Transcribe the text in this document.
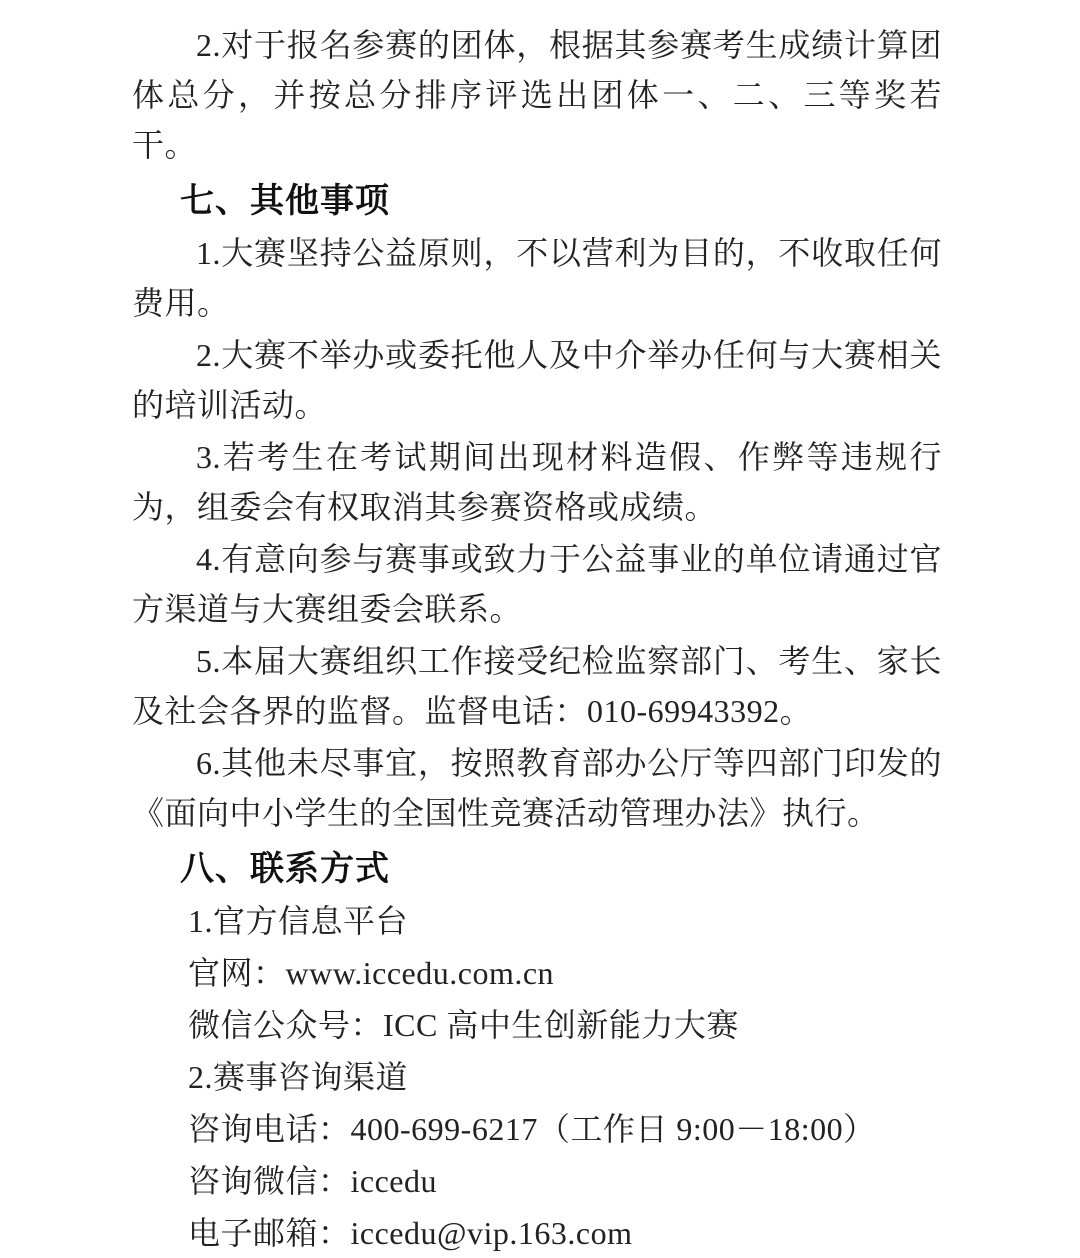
2.对于报名参赛的团体，根据其参赛考生成绩计算团体总分，并按总分排序评选出团体一、二、三等奖若干。

七、其他事项

1.大赛坚持公益原则，不以营利为目的，不收取任何费用。

2.大赛不举办或委托他人及中介举办任何与大赛相关的培训活动。

3.若考生在考试期间出现材料造假、作弊等违规行为，组委会有权取消其参赛资格或成绩。

4.有意向参与赛事或致力于公益事业的单位请通过官方渠道与大赛组委会联系。

5.本届大赛组织工作接受纪检监察部门、考生、家长及社会各界的监督。监督电话：010-69943392。

6.其他未尽事宜，按照教育部办公厅等四部门印发的《面向中小学生的全国性竞赛活动管理办法》执行。

八、联系方式

1.官方信息平台

官网：www.iccedu.com.cn

微信公众号：ICC 高中生创新能力大赛

2.赛事咨询渠道

咨询电话：400-699-6217（工作日 9:00－18:00）

咨询微信：iccedu

电子邮箱：iccedu@vip.163.com
